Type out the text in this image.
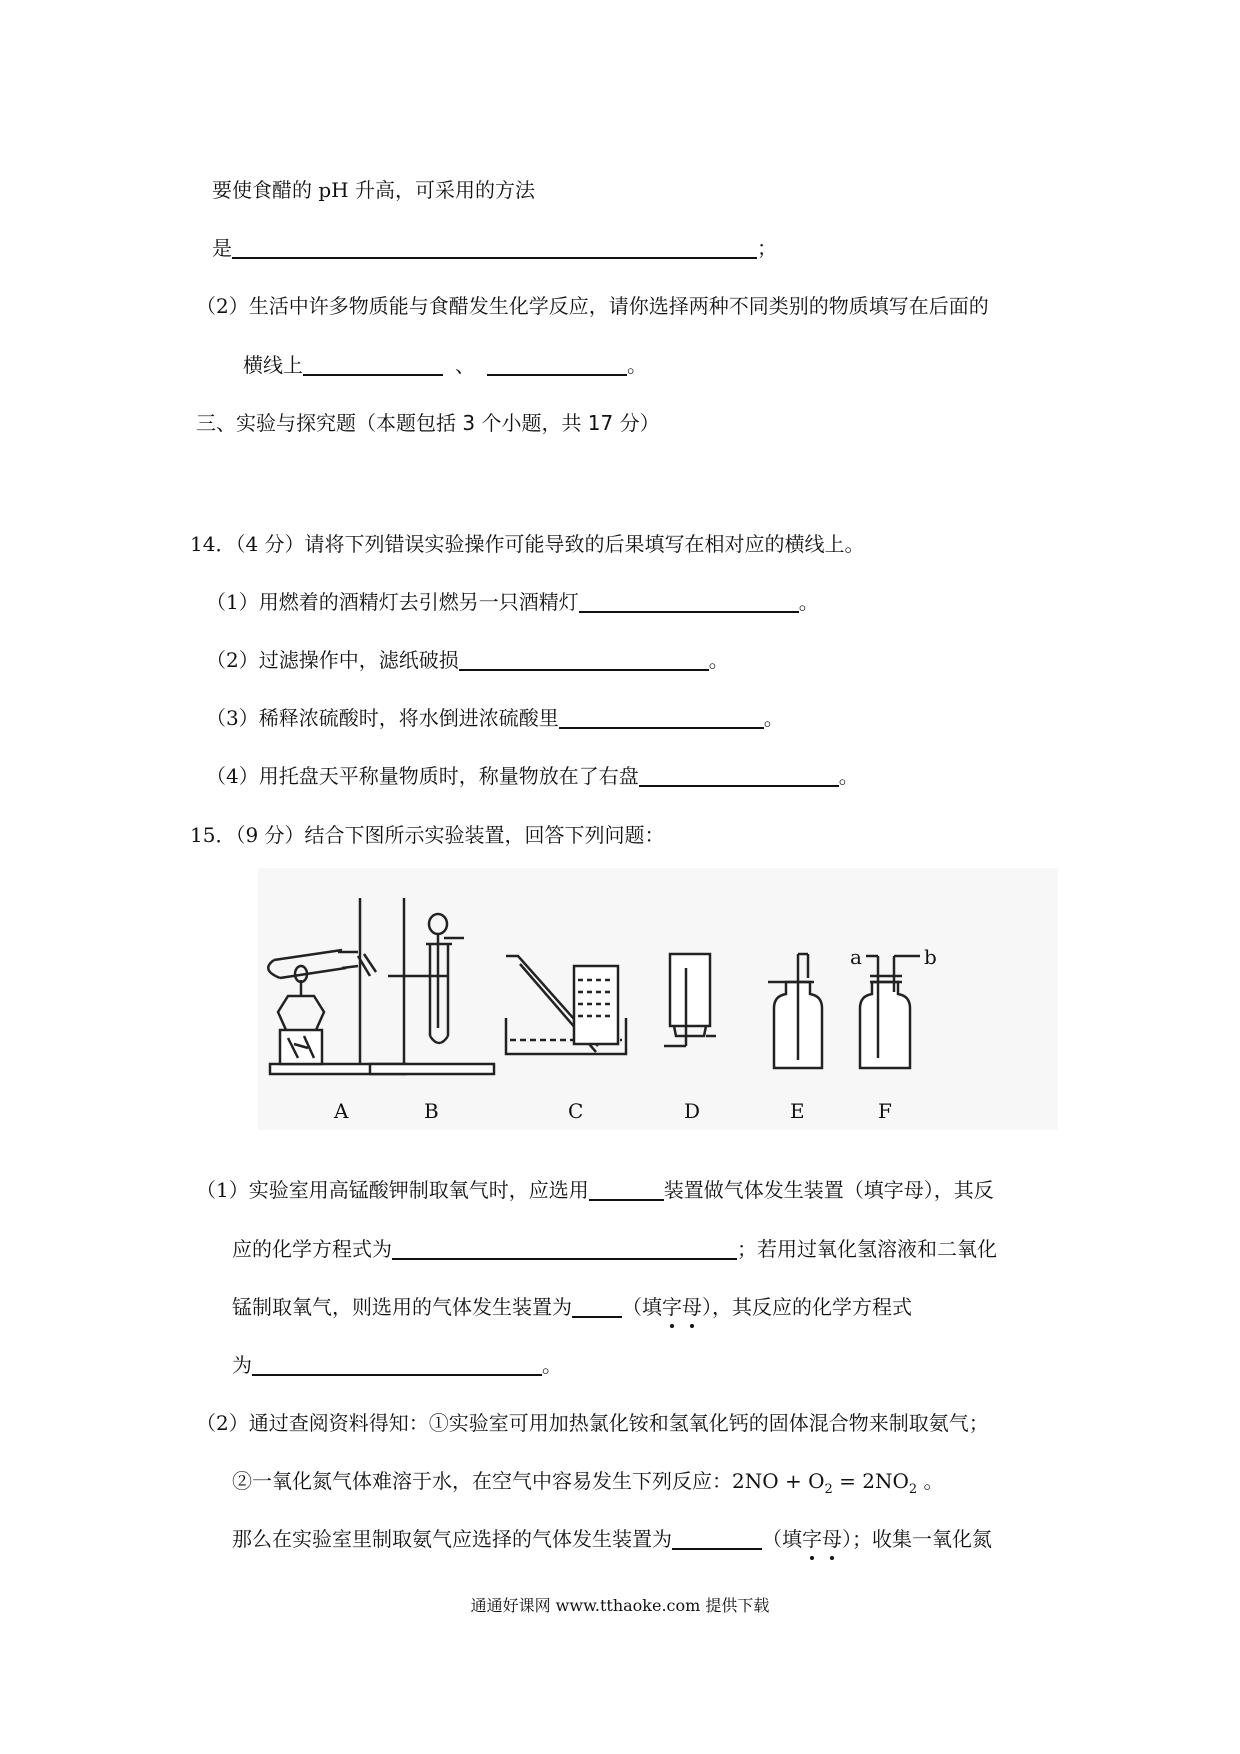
要使食醋的 pH 升高，可采用的方法
是	；
（2）生活中许多物质能与食醋发生化学反应，请你选择两种不同类别的物质填写在后面的
横线上	、	。
三、实验与探究题（本题包括 3 个小题，共 17 分）
14．（4 分）请将下列错误实验操作可能导致的后果填写在相对应的横线上。
（1）用燃着的酒精灯去引燃另一只酒精灯	。
（2）过滤操作中，滤纸破损	。
（3）稀释浓硫酸时，将水倒进浓硫酸里	。
（4）用托盘天平称量物质时，称量物放在了右盘	。
15．（9 分）结合下图所示实验装置，回答下列问题：
a	b
A	B	C	D	E	F
（1）实验室用高锰酸钾制取氧气时，应选用	装置做气体发生装置（填字母），其反
应的化学方程式为	；若用过氧化氢溶液和二氧化
锰制取氧气，则选用的气体发生装置为	（填字母），其反应的化学方程式
为	。
（2）通过查阅资料得知：①实验室可用加热氯化铵和氢氧化钙的固体混合物来制取氨气；
②一氧化氮气体难溶于水，在空气中容易发生下列反应：$2NO + O_2 = 2NO_2$ 。
那么在实验室里制取氨气应选择的气体发生装置为	（填字母）；收集一氧化氮
通通好课网 www.tthaoke.com 提供下载
